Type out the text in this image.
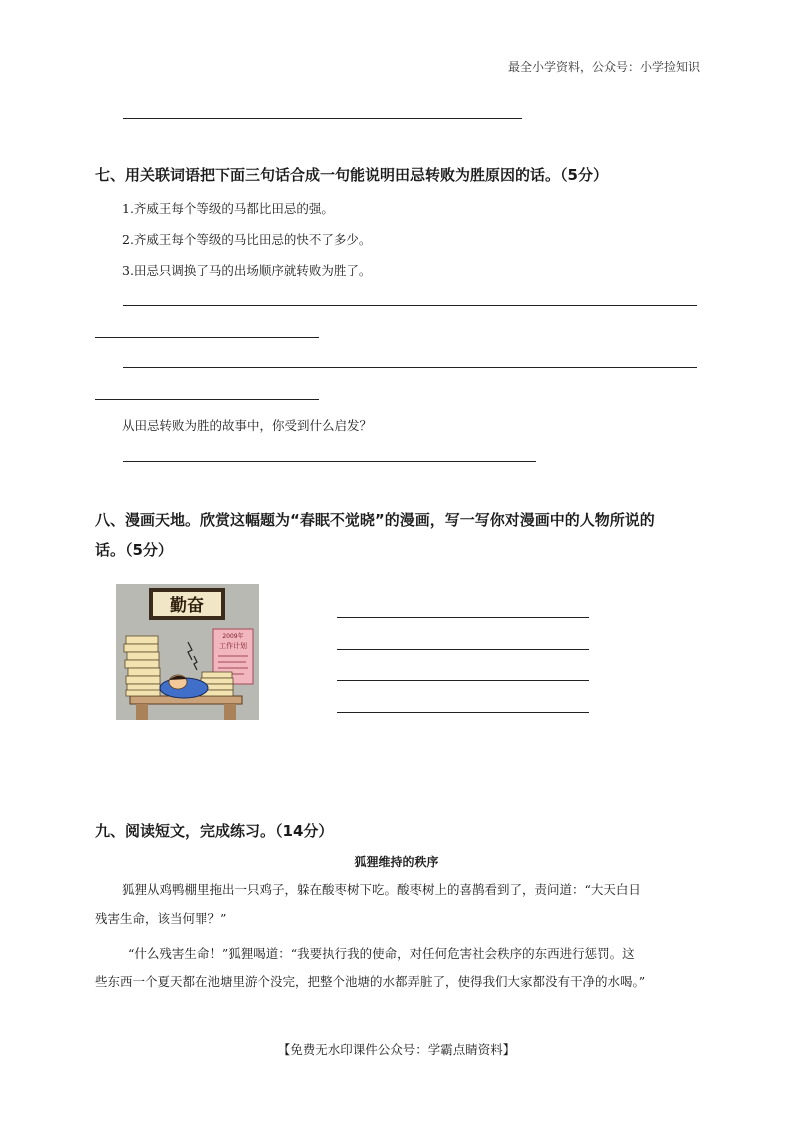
最全小学资料，公众号：小学捡知识
七、用关联词语把下面三句话合成一句能说明田忌转败为胜原因的话。（5分）
1.齐威王每个等级的马都比田忌的强。
2.齐威王每个等级的马比田忌的快不了多少。
3.田忌只调换了马的出场顺序就转败为胜了。
从田忌转败为胜的故事中，你受到什么启发？
八、漫画天地。欣赏这幅题为“春眠不觉晓”的漫画，写一写你对漫画中的人物所说的
话。（5分）
勤奋
2009年
工作计划
九、阅读短文，完成练习。（14分）
狐狸维持的秩序
狐狸从鸡鸭棚里拖出一只鸡子，躲在酸枣树下吃。酸枣树上的喜鹊看到了，责问道：“大天白日
残害生命，该当何罪？”
“什么残害生命！”狐狸喝道：“我要执行我的使命，对任何危害社会秩序的东西进行惩罚。这
些东西一个夏天都在池塘里游个没完，把整个池塘的水都弄脏了，使得我们大家都没有干净的水喝。”
【免费无水印课件公众号：学霸点睛资料】
